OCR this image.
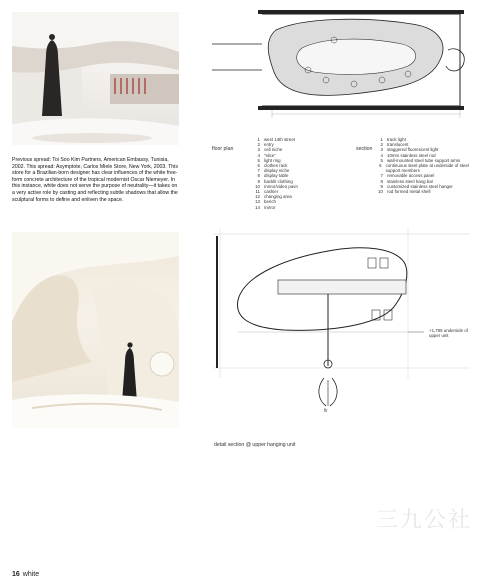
Previous spread: Toi Soo Kim Partners, American Embassy, Tunisia, 2002. This spread: Asymptote, Carlos Miele Store, New York, 2003. This store for a Brazilian-born designer has clear influences of the white free-form concrete architecture of the tropical modernist Oscar Niemeyer. In this instance, white does not serve the purpose of neutrality—it takes on a very active role by casting and reflecting subtle shadows that allow the sculptural forms to define and enliven the space.
floor plan
1 west 14th street
2 entry
3 cell niche
4 “slice”
5 light ring
6 clothes rack
7 display niche
8 display table
9 backlit clothing
10 mirror/video pavn
11 cashier
12 changing area
13 bench
14 mirror
section
1 track light
2 translucent
3 staggered fluorescent light
4 10mm stainless steel rod
5 wall-mounted steel tube support arms
6 continuous steel plate at underside of steel support members
7 removable access panel
8 stainless steel hang bar
9 customized stainless steel hanger
10 rod formed metal shell
+1,785 underside of upper unit
flr
detail section @ upper hanging unit
三九公社
16 white
